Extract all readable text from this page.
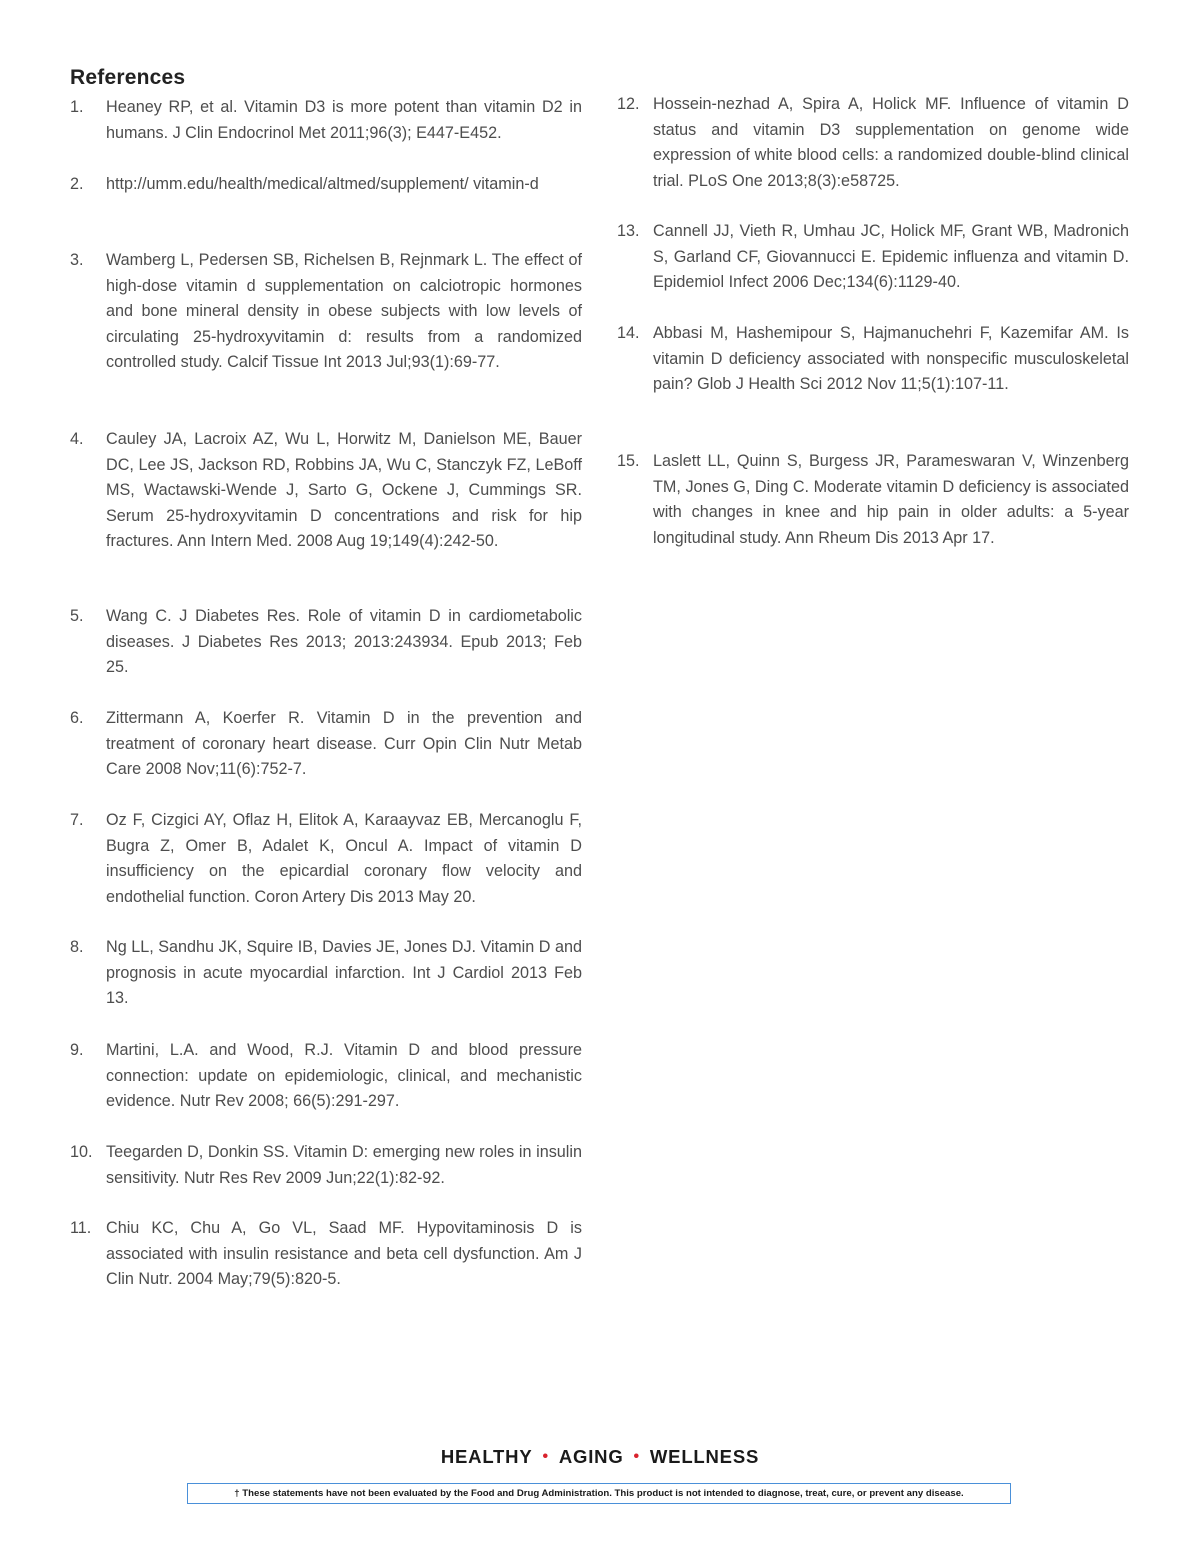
References
1.	Heaney RP, et al. Vitamin D3 is more potent than vitamin D2 in humans. J Clin Endocrinol Met 2011;96(3); E447-E452.
2.	http://umm.edu/health/medical/altmed/supplement/ vitamin-d
3.	Wamberg L, Pedersen SB, Richelsen B, Rejnmark L. The effect of high-dose vitamin d supplementation on calciotropic hormones and bone mineral density in obese subjects with low levels of circulating 25-hydroxyvitamin d: results from a randomized controlled study. Calcif Tissue Int 2013 Jul;93(1):69-77.
4.	Cauley JA, Lacroix AZ, Wu L, Horwitz M, Danielson ME, Bauer DC, Lee JS, Jackson RD, Robbins JA, Wu C, Stanczyk FZ, LeBoff MS, Wactawski-Wende J, Sarto G, Ockene J, Cummings SR. Serum 25-hydroxyvitamin D concentrations and risk for hip fractures. Ann Intern Med. 2008 Aug 19;149(4):242-50.
5.	Wang C. J Diabetes Res. Role of vitamin D in cardiometabolic diseases. J Diabetes Res 2013; 2013:243934. Epub 2013; Feb 25.
6.	Zittermann A, Koerfer R. Vitamin D in the prevention and treatment of coronary heart disease. Curr Opin Clin Nutr Metab Care 2008 Nov;11(6):752-7.
7.	Oz F, Cizgici AY, Oflaz H, Elitok A, Karaayvaz EB, Mercanoglu F, Bugra Z, Omer B, Adalet K, Oncul A. Impact of vitamin D insufficiency on the epicardial coronary flow velocity and endothelial function. Coron Artery Dis 2013 May 20.
8.	Ng LL, Sandhu JK, Squire IB, Davies JE, Jones DJ. Vitamin D and prognosis in acute myocardial infarction. Int J Cardiol 2013 Feb 13.
9.	Martini, L.A. and Wood, R.J. Vitamin D and blood pressure connection: update on epidemiologic, clinical, and mechanistic evidence. Nutr Rev 2008; 66(5):291-297.
10. Teegarden D, Donkin SS. Vitamin D: emerging new roles in insulin sensitivity. Nutr Res Rev 2009 Jun;22(1):82-92.
11. Chiu KC, Chu A, Go VL, Saad MF. Hypovitaminosis D is associated with insulin resistance and beta cell dysfunction. Am J Clin Nutr. 2004 May;79(5):820-5.
12. Hossein-nezhad A, Spira A, Holick MF. Influence of vitamin D status and vitamin D3 supplementation on genome wide expression of white blood cells: a randomized double-blind clinical trial. PLoS One 2013;8(3):e58725.
13. Cannell JJ, Vieth R, Umhau JC, Holick MF, Grant WB, Madronich S, Garland CF, Giovannucci E. Epidemic influenza and vitamin D. Epidemiol Infect 2006 Dec;134(6):1129-40.
14. Abbasi M, Hashemipour S, Hajmanuchehri F, Kazemifar AM. Is vitamin D deficiency associated with nonspecific musculoskeletal pain? Glob J Health Sci 2012 Nov 11;5(1):107-11.
15. Laslett LL, Quinn S, Burgess JR, Parameswaran V, Winzenberg TM, Jones G, Ding C. Moderate vitamin D deficiency is associated with changes in knee and hip pain in older adults: a 5-year longitudinal study. Ann Rheum Dis 2013 Apr 17.
HEALTHY • AGING • WELLNESS
† These statements have not been evaluated by the Food and Drug Administration. This product is not intended to diagnose, treat, cure, or prevent any disease.
